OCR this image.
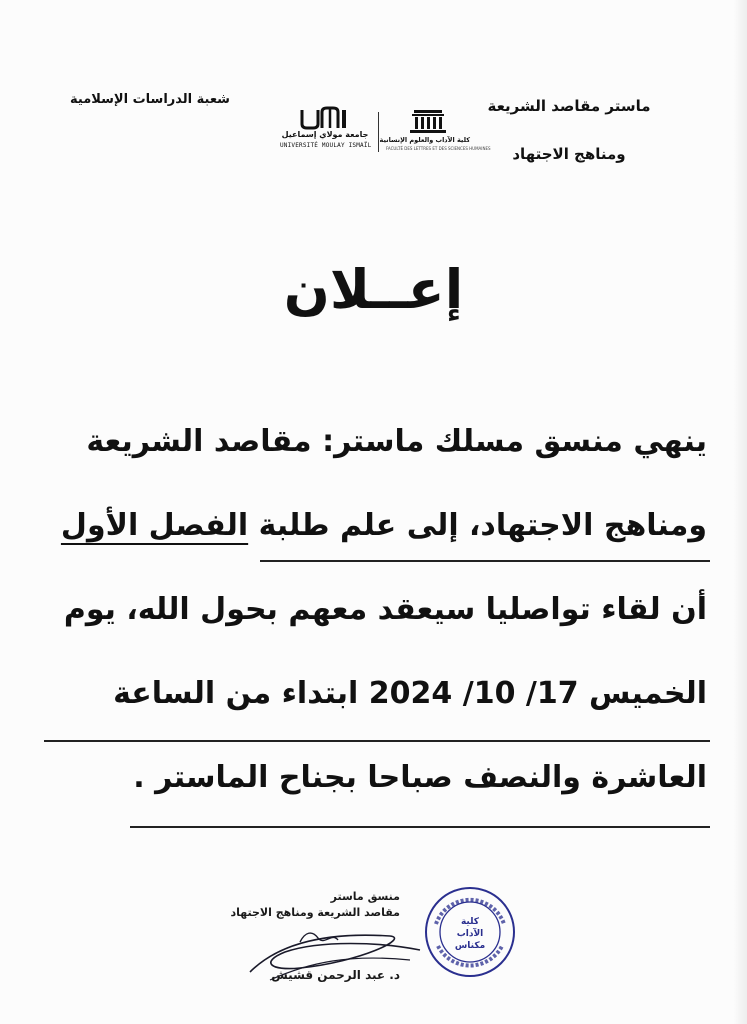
ماستر مقاصد الشريعة
ومناهج الاجتهاد
شعبة الدراسات الإسلامية
جامعة مولاي إسماعيل
UNIVERSITÉ MOULAY ISMAÏL
كلية الآداب والعلوم الإنسانية
FACULTÉ DES LETTRES ET DES SCIENCES HUMAINES
إعــلان
ينهي منسق مسلك ماستر: مقاصد الشريعة
ومناهج الاجتهاد، إلى علم طلبة الفصل الأول
أن لقاء تواصليا سيعقد معهم بحول الله، يوم
الخميس 17/ 10/ 2024 ابتداء من الساعة
العاشرة والنصف صباحا بجناح الماستر .
منسق ماستر
مقاصد الشريعة ومناهج الاجتهاد
د. عبد الرحمن قشيش
كلية
الآداب
مكناس
